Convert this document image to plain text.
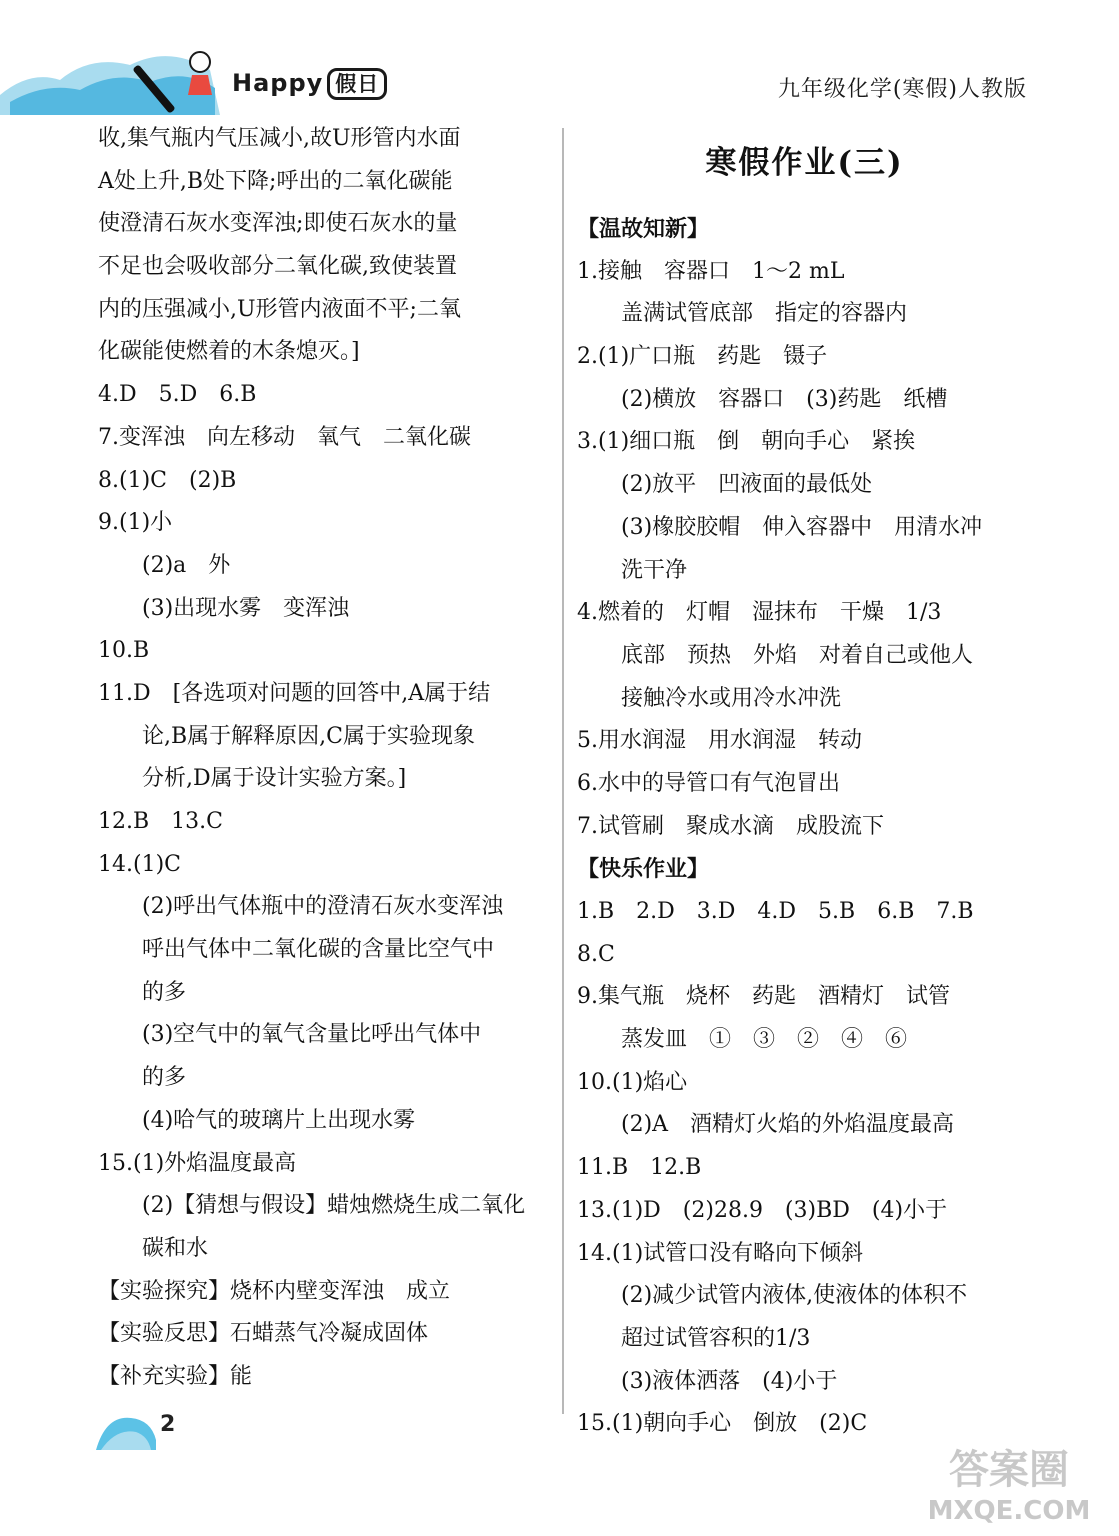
Happy 假日	九年级化学(寒假)人教版
收,集气瓶内气压减小,故U形管内水面
A处上升,B处下降;呼出的二氧化碳能
使澄清石灰水变浑浊;即使石灰水的量
不足也会吸收部分二氧化碳,致使装置
内的压强减小,U形管内液面不平;二氧
化碳能使燃着的木条熄灭。]
4.D　5.D　6.B
7.变浑浊　向左移动　氧气　二氧化碳
8.(1)C　(2)B
9.(1)小
(2)a　外
(3)出现水雾　变浑浊
10.B
11.D　[各选项对问题的回答中,A属于结
论,B属于解释原因,C属于实验现象
分析,D属于设计实验方案。]
12.B　13.C
14.(1)C
(2)呼出气体瓶中的澄清石灰水变浑浊
呼出气体中二氧化碳的含量比空气中
的多
(3)空气中的氧气含量比呼出气体中
的多
(4)哈气的玻璃片上出现水雾
15.(1)外焰温度最高
(2)【猜想与假设】蜡烛燃烧生成二氧化
碳和水
【实验探究】烧杯内壁变浑浊　成立
【实验反思】石蜡蒸气冷凝成固体
【补充实验】能
寒假作业(三)
【温故知新】
1.接触　容器口　1～2 mL
盖满试管底部　指定的容器内
2.(1)广口瓶　药匙　镊子
(2)横放　容器口　(3)药匙　纸槽
3.(1)细口瓶　倒　朝向手心　紧挨
(2)放平　凹液面的最低处
(3)橡胶胶帽　伸入容器中　用清水冲
洗干净
4.燃着的　灯帽　湿抹布　干燥　1/3
底部　预热　外焰　对着自己或他人
接触冷水或用冷水冲洗
5.用水润湿　用水润湿　转动
6.水中的导管口有气泡冒出
7.试管刷　聚成水滴　成股流下
【快乐作业】
1.B　2.D　3.D　4.D　5.B　6.B　7.B
8.C
9.集气瓶　烧杯　药匙　酒精灯　试管
蒸发皿　①　③　②　④　⑥
10.(1)焰心
(2)A　酒精灯火焰的外焰温度最高
11.B　12.B
13.(1)D　(2)28.9　(3)BD　(4)小于
14.(1)试管口没有略向下倾斜
(2)减少试管内液体,使液体的体积不
超过试管容积的1/3
(3)液体洒落　(4)小于
15.(1)朝向手心　倒放　(2)C
2
答案圈
MXQE.COM
